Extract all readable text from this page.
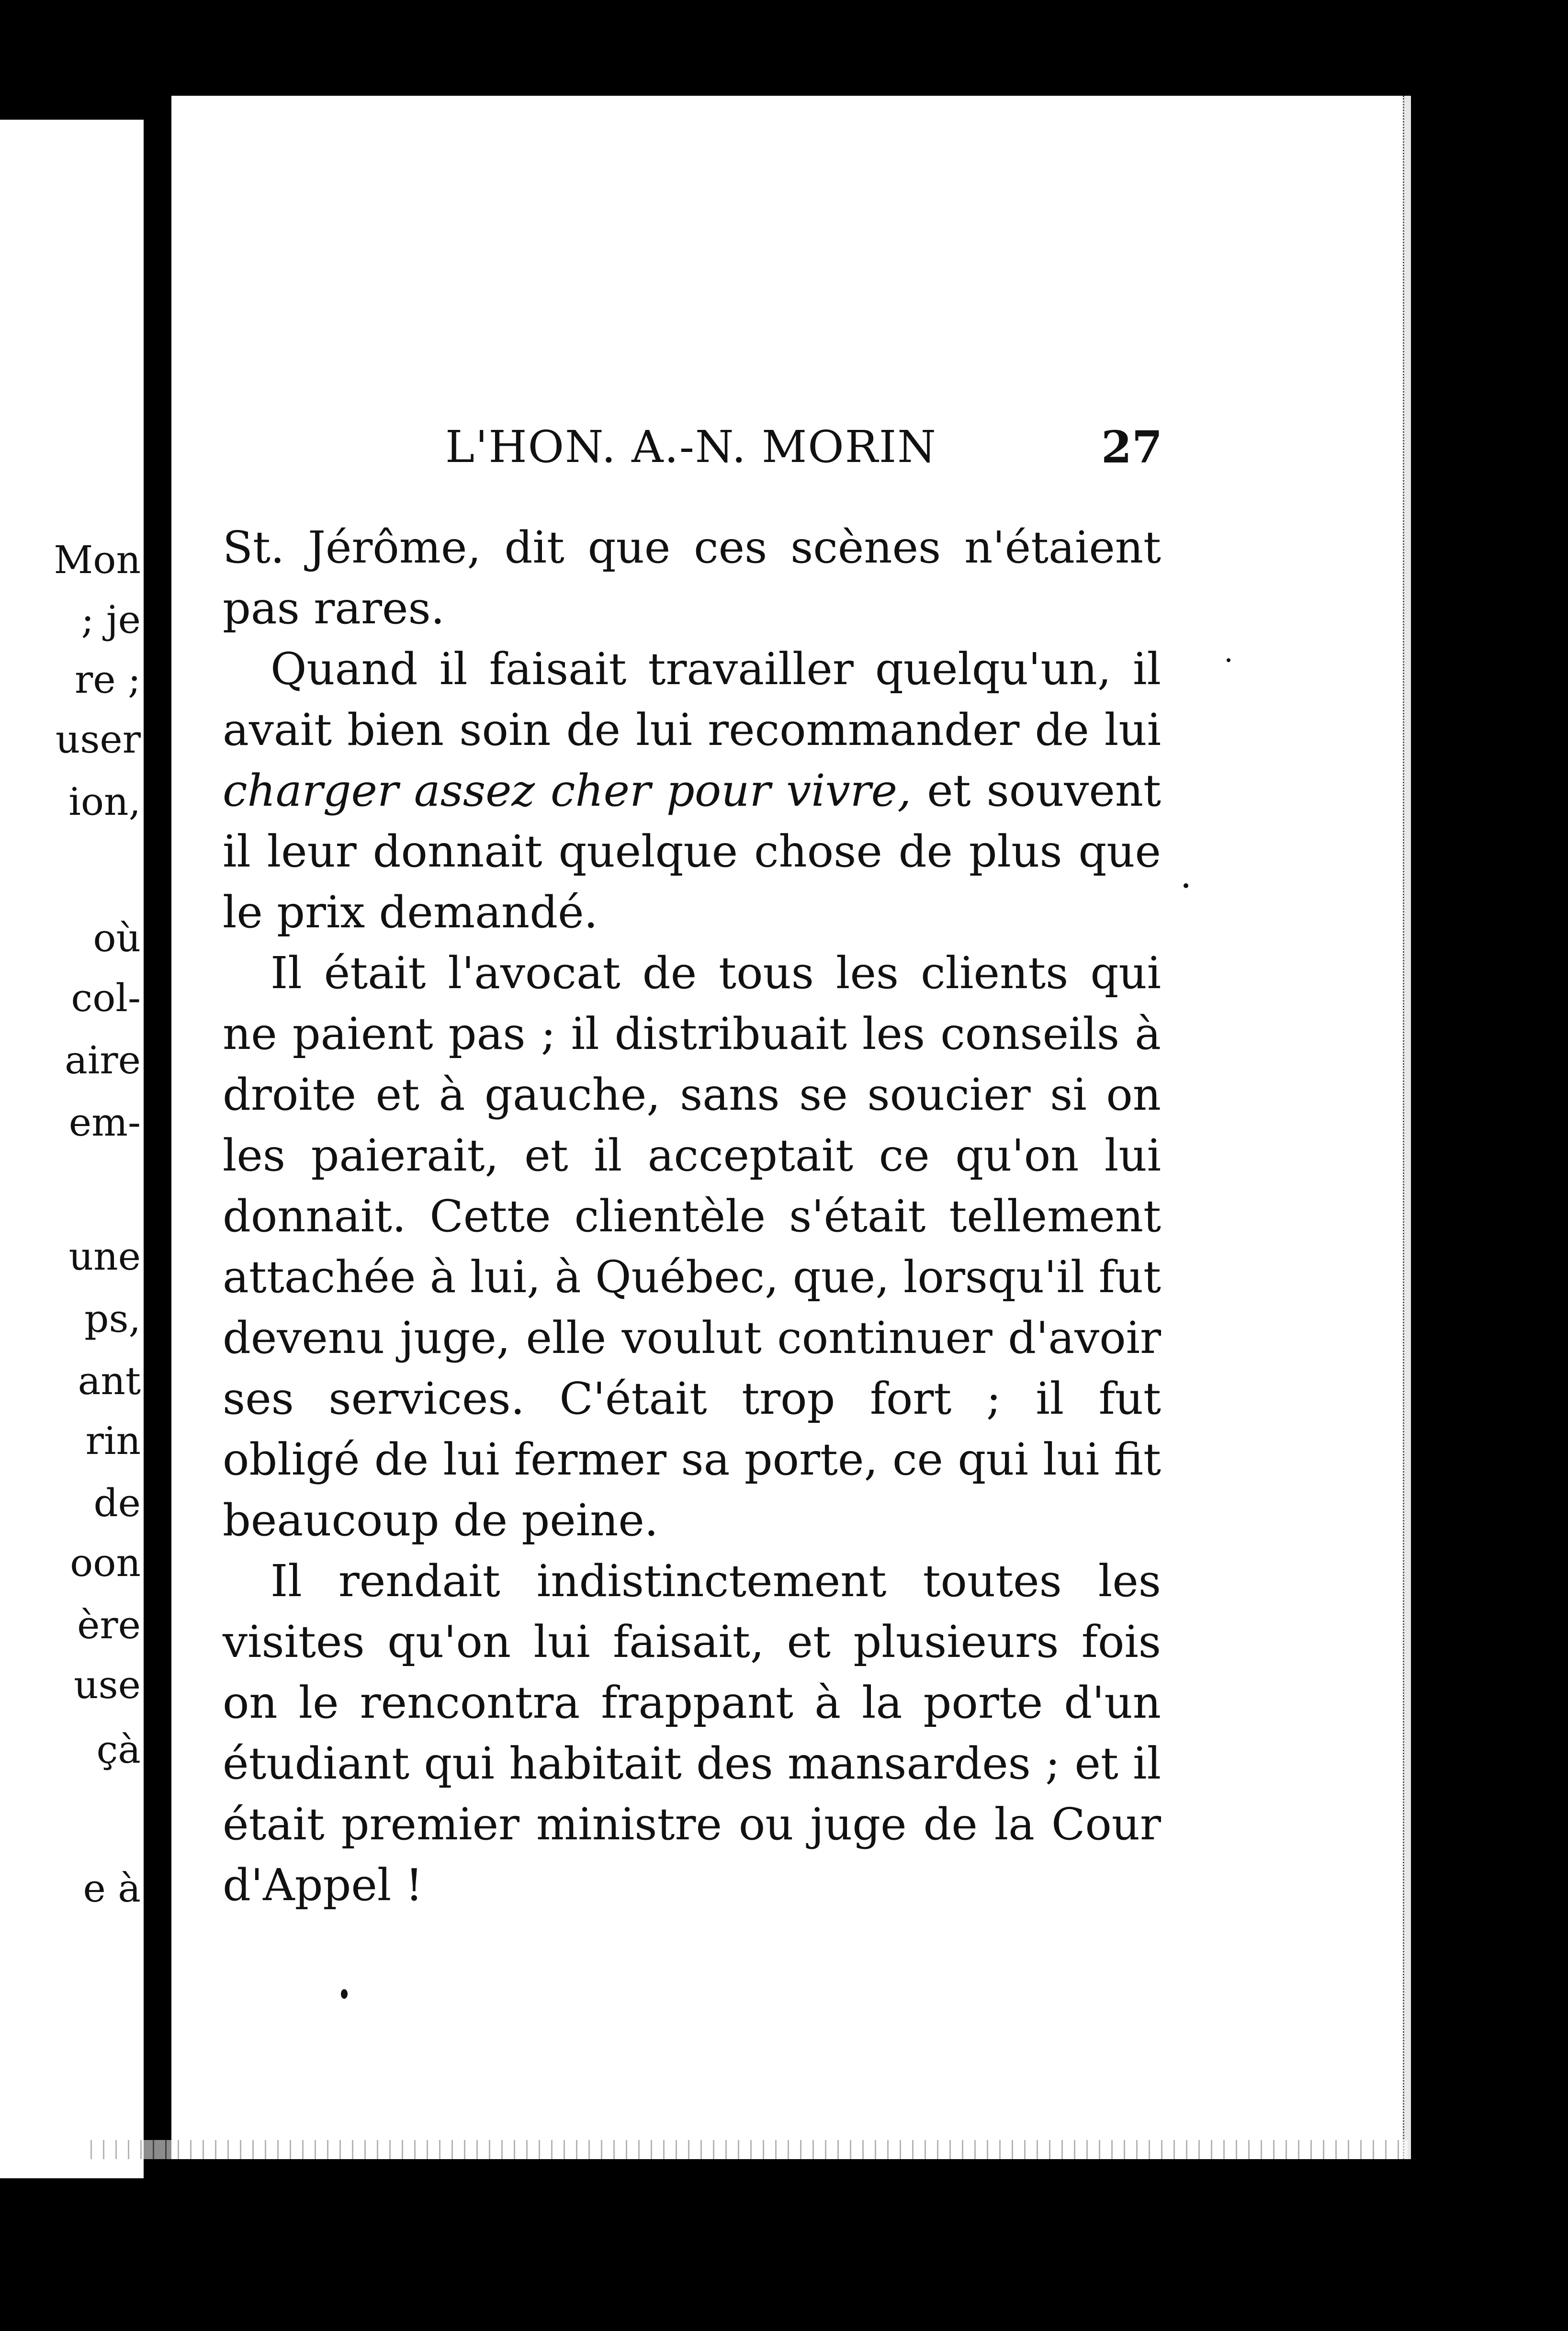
Mon
; je
re ;
user
ion,
où
col-
aire
em-
une
ps,
ant
rin
de
oon
ère
use
çà
e à
L'HON. A.-N. MORIN	27

St. Jérôme, dit que ces scènes n'étaient pas rares.

Quand il faisait travailler quelqu'un, il avait bien soin de lui recommander de lui charger assez cher pour vivre, et souvent il leur donnait quelque chose de plus que le prix demandé.

Il était l'avocat de tous les clients qui ne paient pas ; il distribuait les conseils à droite et à gauche, sans se soucier si on les paierait, et il acceptait ce qu'on lui donnait. Cette clientèle s'était tellement attachée à lui, à Québec, que, lorsqu'il fut devenu juge, elle voulut continuer d'avoir ses services. C'était trop fort ; il fut obligé de lui fermer sa porte, ce qui lui fit beaucoup de peine.

Il rendait indistinctement toutes les visites qu'on lui faisait, et plusieurs fois on le rencontra frappant à la porte d'un étudiant qui habitait des mansardes ; et il était premier ministre ou juge de la Cour d'Appel !
